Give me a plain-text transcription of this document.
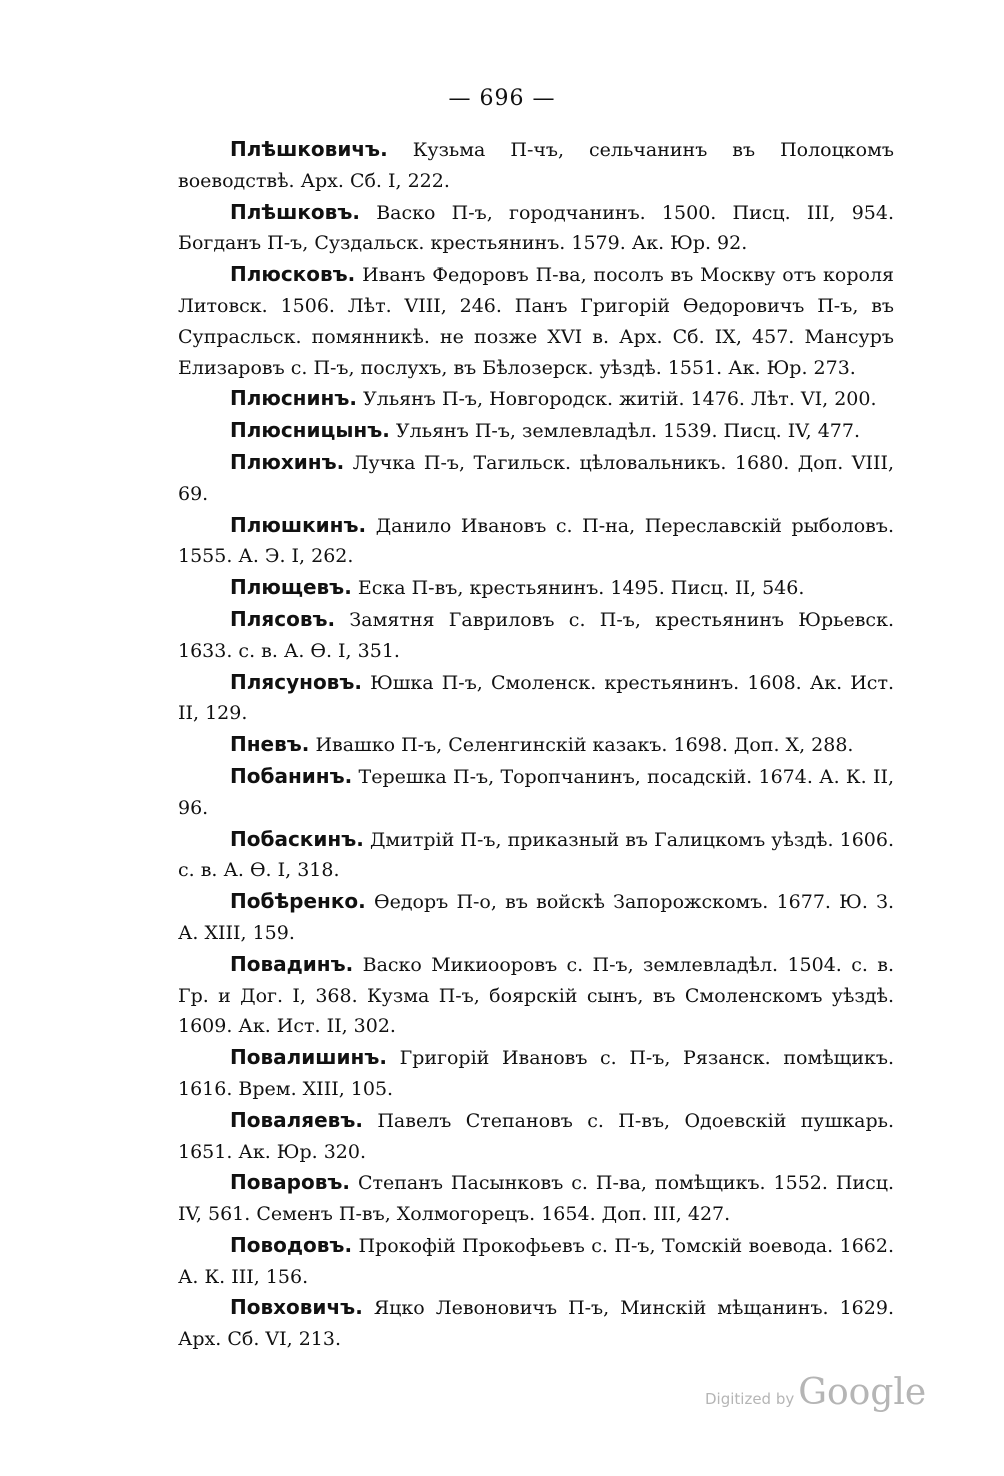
— 696 —

Плѣшковичъ. Кузьма П-чъ, сельчанинъ въ Полоцкомъ воеводствѣ. Арх. Сб. I, 222.

Плѣшковъ. Васко П-ъ, городчанинъ. 1500. Писц. III, 954. Богданъ П-ъ, Суздальск. крестьянинъ. 1579. Ак. Юр. 92.

Плюсковъ. Иванъ Федоровъ П-ва, посолъ въ Москву отъ короля Литовск. 1506. Лѣт. VIII, 246. Панъ Григорій Ѳедоровичъ П-ъ, въ Супрасльск. помянникѣ. не позже XVI в. Арх. Сб. IX, 457. Мансуръ Елизаровъ с. П-ъ, послухъ, въ Бѣлозерск. уѣздѣ. 1551. Ак. Юр. 273.

Плюснинъ. Ульянъ П-ъ, Новгородск. житій. 1476. Лѣт. VI, 200.

Плюсницынъ. Ульянъ П-ъ, землевладѣл. 1539. Писц. IV, 477.

Плюхинъ. Лучка П-ъ, Тагильск. цѣловальникъ. 1680. Доп. VIII, 69.

Плюшкинъ. Данило Ивановъ с. П-на, Переславскій рыболовъ. 1555. А. Э. I, 262.

Плющевъ. Еска П-въ, крестьянинъ. 1495. Писц. II, 546.

Плясовъ. Замятня Гавриловъ с. П-ъ, крестьянинъ Юрьевск. 1633. с. в. А. Ѳ. I, 351.

Плясуновъ. Юшка П-ъ, Смоленск. крестьянинъ. 1608. Ак. Ист. II, 129.

Пневъ. Ивашко П-ъ, Селенгинскій казакъ. 1698. Доп. X, 288.

Побанинъ. Терешка П-ъ, Торопчанинъ, посадскій. 1674. А. К. II, 96.

Побаскинъ. Дмитрій П-ъ, приказный въ Галицкомъ уѣздѣ. 1606. с. в. А. Ѳ. I, 318.

Побѣренко. Ѳедоръ П-о, въ войскѣ Запорожскомъ. 1677. Ю. З. А. XIII, 159.

Повадинъ. Васко Микиооровъ с. П-ъ, землевладѣл. 1504. с. в. Гр. и Дог. I, 368. Кузма П-ъ, боярскій сынъ, въ Смоленскомъ уѣздѣ. 1609. Ак. Ист. II, 302.

Повалишинъ. Григорій Ивановъ с. П-ъ, Рязанск. помѣщикъ. 1616. Врем. XIII, 105.

Поваляевъ. Павелъ Степановъ с. П-въ, Одоевскій пушкарь. 1651. Ак. Юр. 320.

Поваровъ. Степанъ Пасынковъ с. П-ва, помѣщикъ. 1552. Писц. IV, 561. Семенъ П-въ, Холмогорецъ. 1654. Доп. III, 427.

Поводовъ. Прокофій Прокофьевъ с. П-ъ, Томскій воевода. 1662. А. К. III, 156.

Повховичъ. Яцко Левоновичъ П-ъ, Минскій мѣщанинъ. 1629. Арх. Сб. VI, 213.

Digitized by Google
